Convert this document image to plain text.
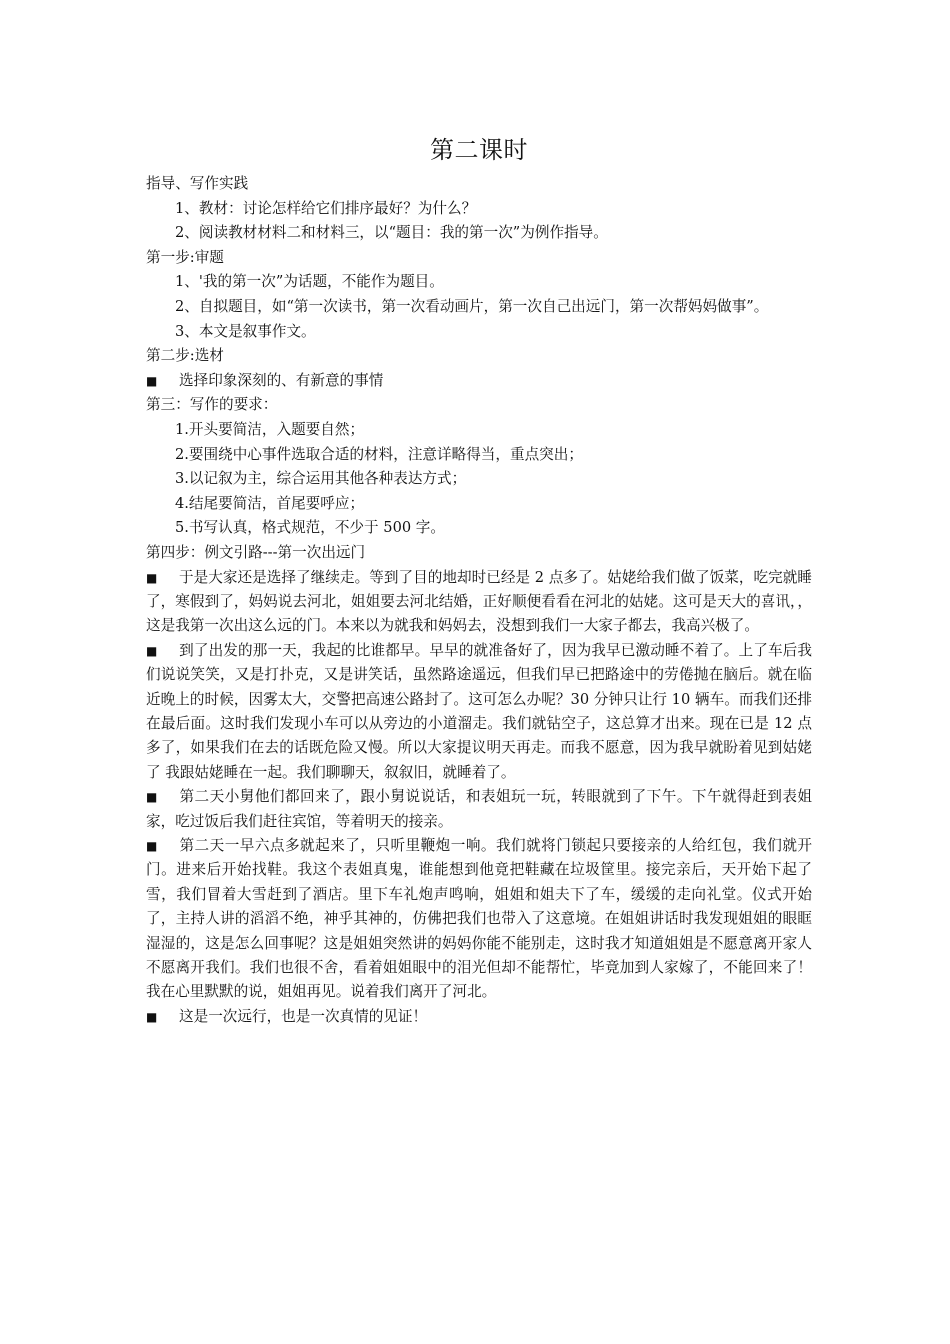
第二课时
指导、写作实践
1、教材：讨论怎样给它们排序最好？为什么？
2、阅读教材材料二和材料三，以“题目：我的第一次”为例作指导。
第一步:审题
1、'我的第一次”为话题，不能作为题目。
2、自拟题目，如“第一次读书，第一次看动画片，第一次自己出远门，第一次帮妈妈做事”。
3、本文是叙事作文。
第二步:选材
■ 选择印象深刻的、有新意的事情
第三：写作的要求：
1.开头要简洁，入题要自然；
2.要围绕中心事件选取合适的材料，注意详略得当，重点突出；
3.以记叙为主，综合运用其他各种表达方式；
4.结尾要简洁，首尾要呼应；
5.书写认真，格式规范，不少于 500 字。
第四步：例文引路---第一次出远门
■ 于是大家还是选择了继续走。等到了目的地却时已经是 2 点多了。姑姥给我们做了饭菜，吃完就睡了，寒假到了，妈妈说去河北，姐姐要去河北结婚，正好顺便看看在河北的姑姥。这可是天大的喜讯，，这是我第一次出这么远的门。本来以为就我和妈妈去，没想到我们一大家子都去，我高兴极了。
■ 到了出发的那一天，我起的比谁都早。早早的就准备好了，因为我早已激动睡不着了。上了车后我们说说笑笑，又是打扑克，又是讲笑话，虽然路途遥远，但我们早已把路途中的劳倦抛在脑后。就在临近晚上的时候，因雾太大，交警把高速公路封了。这可怎么办呢？30 分钟只让行 10 辆车。而我们还排在最后面。这时我们发现小车可以从旁边的小道溜走。我们就钻空子，这总算才出来。现在已是 12 点多了，如果我们在去的话既危险又慢。所以大家提议明天再走。而我不愿意，因为我早就盼着见到姑姥了 我跟姑姥睡在一起。我们聊聊天，叙叙旧，就睡着了。
■ 第二天小舅他们都回来了，跟小舅说说话，和表姐玩一玩，转眼就到了下午。下午就得赶到表姐家，吃过饭后我们赶往宾馆，等着明天的接亲。
■ 第二天一早六点多就起来了，只听里鞭炮一响。我们就将门锁起只要接亲的人给红包，我们就开门。进来后开始找鞋。我这个表姐真鬼，谁能想到他竟把鞋藏在垃圾筐里。接完亲后，天开始下起了雪，我们冒着大雪赶到了酒店。里下车礼炮声鸣响，姐姐和姐夫下了车，缓缓的走向礼堂。仪式开始了，主持人讲的滔滔不绝，神乎其神的，仿佛把我们也带入了这意境。在姐姐讲话时我发现姐姐的眼眶湿湿的，这是怎么回事呢？这是姐姐突然讲的妈妈你能不能别走，这时我才知道姐姐是不愿意离开家人不愿离开我们。我们也很不舍，看着姐姐眼中的泪光但却不能帮忙，毕竟加到人家嫁了，不能回来了！我在心里默默的说，姐姐再见。说着我们离开了河北。
■ 这是一次远行，也是一次真情的见证！
